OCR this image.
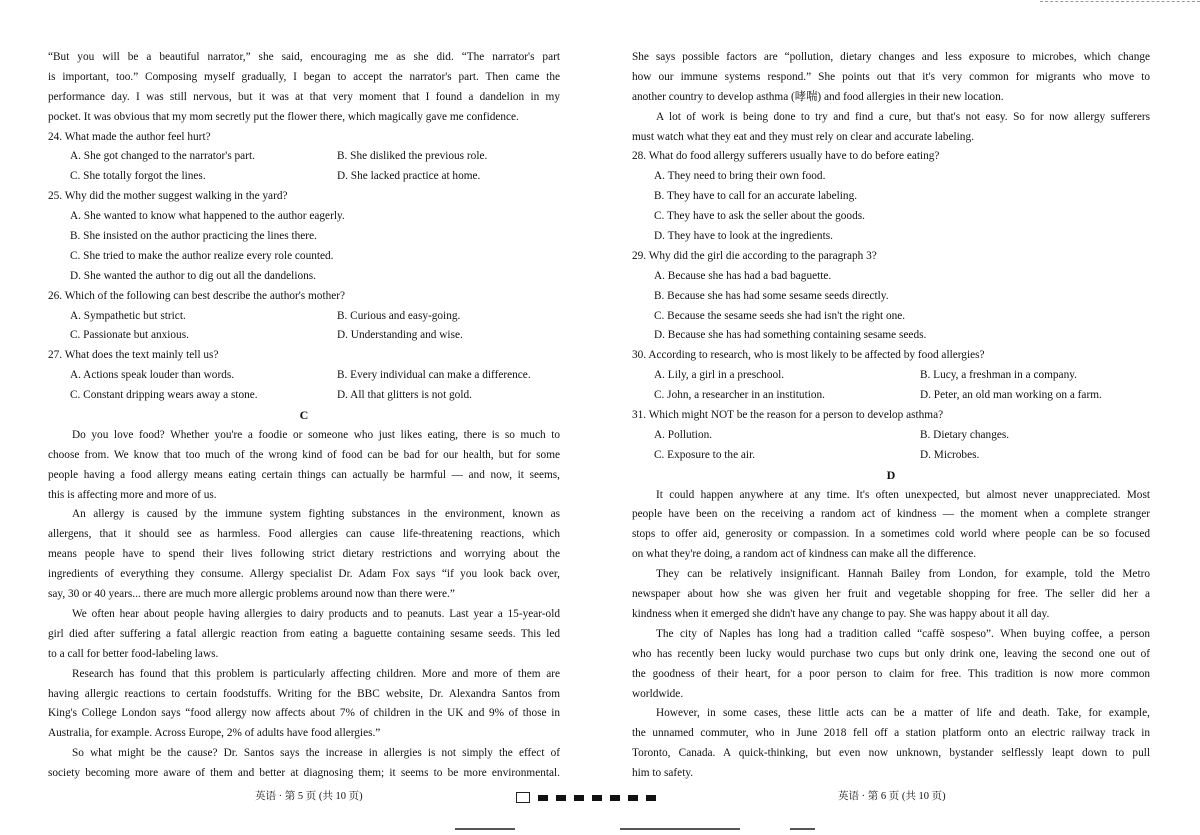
“But you will be a beautiful narrator,” she said, encouraging me as she did. “The narrator's part
is important, too.” Composing myself gradually, I began to accept the narrator's part. Then came the
performance day. I was still nervous, but it was at that very moment that I found a dandelion in my
pocket. It was obvious that my mom secretly put the flower there, which magically gave me confidence.
24. What made the author feel hurt?
A. She got changed to the narrator's part.	B. She disliked the previous role.
C. She totally forgot the lines.	D. She lacked practice at home.
25. Why did the mother suggest walking in the yard?
A. She wanted to know what happened to the author eagerly.
B. She insisted on the author practicing the lines there.
C. She tried to make the author realize every role counted.
D. She wanted the author to dig out all the dandelions.
26. Which of the following can best describe the author's mother?
A. Sympathetic but strict.	B. Curious and easy-going.
C. Passionate but anxious.	D. Understanding and wise.
27. What does the text mainly tell us?
A. Actions speak louder than words.	B. Every individual can make a difference.
C. Constant dripping wears away a stone.	D. All that glitters is not gold.
C
Do you love food? Whether you're a foodie or someone who just likes eating, there is so much to
choose from. We know that too much of the wrong kind of food can be bad for our health, but for some
people having a food allergy means eating certain things can actually be harmful — and now, it seems,
this is affecting more and more of us.
An allergy is caused by the immune system fighting substances in the environment, known as
allergens, that it should see as harmless. Food allergies can cause life-threatening reactions, which
means people have to spend their lives following strict dietary restrictions and worrying about the
ingredients of everything they consume. Allergy specialist Dr. Adam Fox says “if you look back over,
say, 30 or 40 years... there are much more allergic problems around now than there were.”
We often hear about people having allergies to dairy products and to peanuts. Last year a 15-year-old
girl died after suffering a fatal allergic reaction from eating a baguette containing sesame seeds. This led
to a call for better food-labeling laws.
Research has found that this problem is particularly affecting children. More and more of them are
having allergic reactions to certain foodstuffs. Writing for the BBC website, Dr. Alexandra Santos from
King's College London says “food allergy now affects about 7% of children in the UK and 9% of those in
Australia, for example. Across Europe, 2% of adults have food allergies.”
So what might be the cause? Dr. Santos says the increase in allergies is not simply the effect of
society becoming more aware of them and better at diagnosing them; it seems to be more environmental.
She says possible factors are “pollution, dietary changes and less exposure to microbes, which change
how our immune systems respond.” She points out that it's very common for migrants who move to
another country to develop asthma (哮喘) and food allergies in their new location.
A lot of work is being done to try and find a cure, but that's not easy. So for now allergy sufferers
must watch what they eat and they must rely on clear and accurate labeling.
28. What do food allergy sufferers usually have to do before eating?
A. They need to bring their own food.
B. They have to call for an accurate labeling.
C. They have to ask the seller about the goods.
D. They have to look at the ingredients.
29. Why did the girl die according to the paragraph 3?
A. Because she has had a bad baguette.
B. Because she has had some sesame seeds directly.
C. Because the sesame seeds she had isn't the right one.
D. Because she has had something containing sesame seeds.
30. According to research, who is most likely to be affected by food allergies?
A. Lily, a girl in a preschool.	B. Lucy, a freshman in a company.
C. John, a researcher in an institution.	D. Peter, an old man working on a farm.
31. Which might NOT be the reason for a person to develop asthma?
A. Pollution.	B. Dietary changes.
C. Exposure to the air.	D. Microbes.
D
It could happen anywhere at any time. It's often unexpected, but almost never unappreciated. Most
people have been on the receiving a random act of kindness — the moment when a complete stranger
stops to offer aid, generosity or compassion. In a sometimes cold world where people can be so focused
on what they're doing, a random act of kindness can make all the difference.
They can be relatively insignificant. Hannah Bailey from London, for example, told the Metro
newspaper about how she was given her fruit and vegetable shopping for free. The seller did her a
kindness when it emerged she didn't have any change to pay. She was happy about it all day.
The city of Naples has long had a tradition called “caffè sospeso”. When buying coffee, a person
who has recently been lucky would purchase two cups but only drink one, leaving the second one out of
the goodness of their heart, for a poor person to claim for free. This tradition is now more common
worldwide.
However, in some cases, these little acts can be a matter of life and death. Take, for example,
the unnamed commuter, who in June 2018 fell off a station platform onto an electric railway track in
Toronto, Canada. A quick-thinking, but even now unknown, bystander selflessly leapt down to pull
him to safety.
英语 · 第 5 页 (共 10 页)	英语 · 第 6 页 (共 10 页)
